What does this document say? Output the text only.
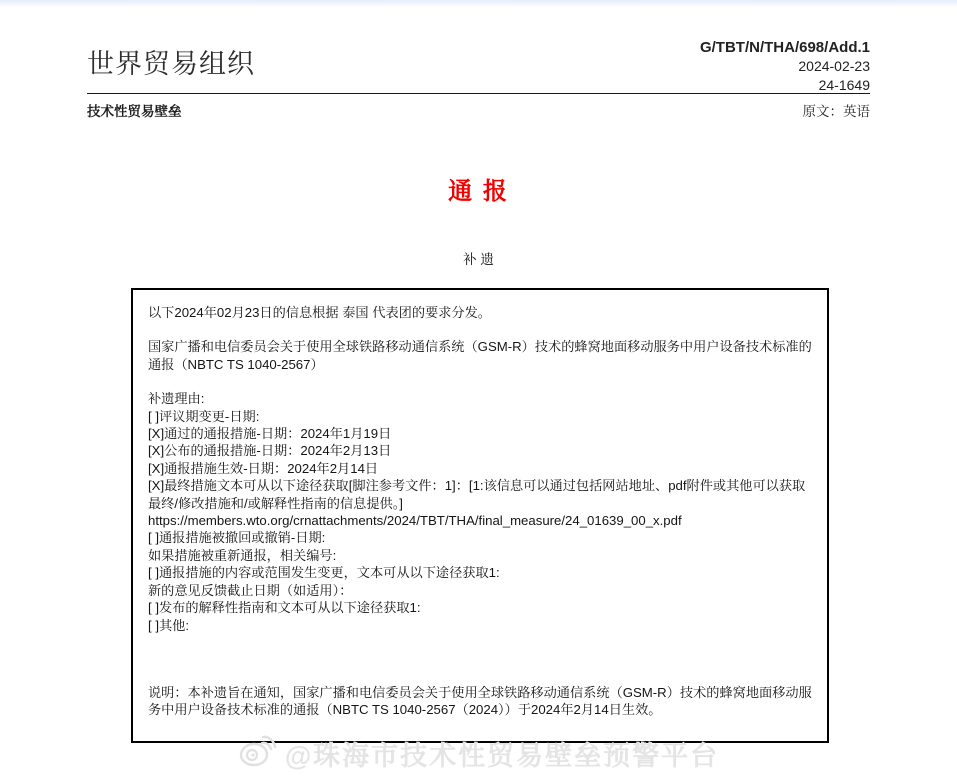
世界贸易组织
G/TBT/N/THA/698/Add.1
2024-02-23
24-1649
技术性贸易壁垒	原文：英语
通 报
补 遗
以下2024年02月23日的信息根据 泰国 代表团的要求分发。
国家广播和电信委员会关于使用全球铁路移动通信系统（GSM-R）技术的蜂窝地面移动服务中用户设备技术标准的通报（NBTC TS 1040-2567）
补遗理由:
[ ]评议期变更-日期:
[X]通过的通报措施-日期：2024年1月19日
[X]公布的通报措施-日期：2024年2月13日
[X]通报措施生效-日期：2024年2月14日
[X]最终措施文本可从以下途径获取[脚注参考文件：1]：[1:该信息可以通过包括网站地址、pdf附件或其他可以获取最终/修改措施和/或解释性指南的信息提供。]
https://members.wto.org/crnattachments/2024/TBT/THA/final_measure/24_01639_00_x.pdf
[ ]通报措施被撤回或撤销-日期:
如果措施被重新通报，相关编号:
[ ]通报措施的内容或范围发生变更，文本可从以下途径获取1:
新的意见反馈截止日期（如适用）：
[ ]发布的解释性指南和文本可从以下途径获取1:
[ ]其他:
说明：本补遗旨在通知，国家广播和电信委员会关于使用全球铁路移动通信系统（GSM-R）技术的蜂窝地面移动服务中用户设备技术标准的通报（NBTC TS 1040-2567（2024））于2024年2月14日生效。
@珠海市技术性贸易壁垒预警平台
